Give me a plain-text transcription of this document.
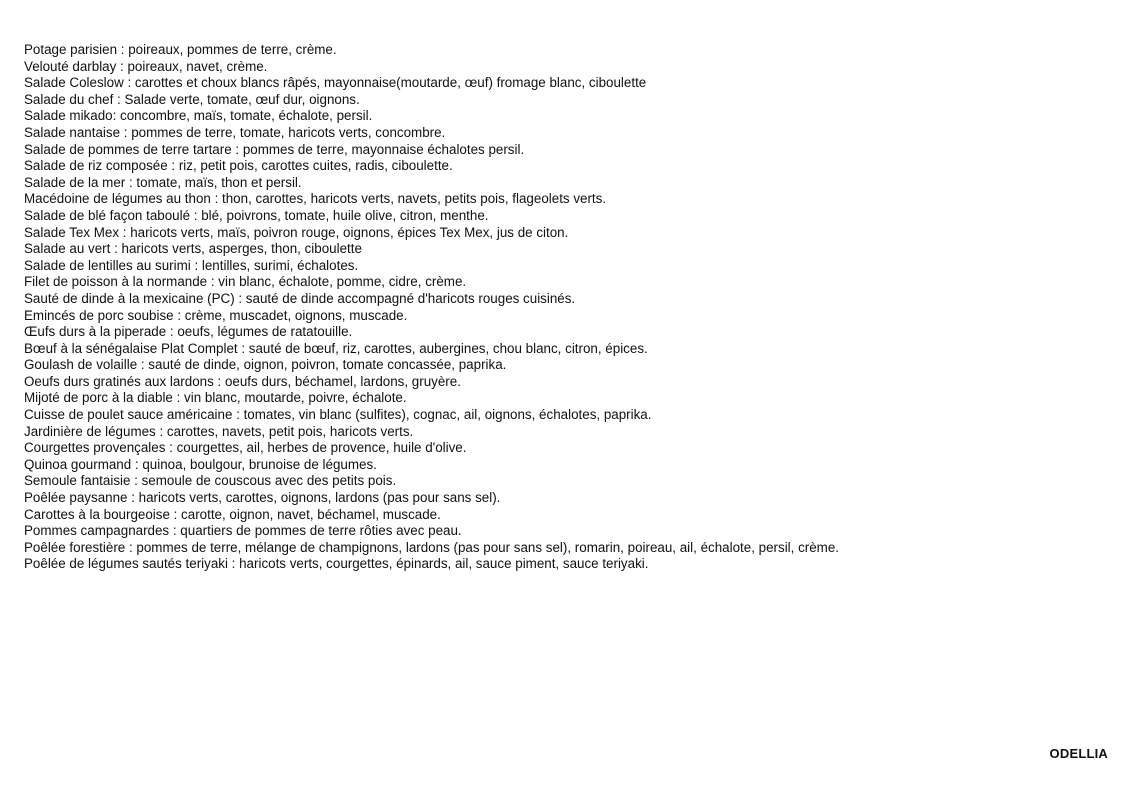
Potage parisien : poireaux, pommes de terre, crème.
Velouté darblay : poireaux, navet, crème.
Salade Coleslow : carottes et choux blancs râpés, mayonnaise(moutarde, œuf) fromage blanc, ciboulette
Salade du chef : Salade verte, tomate, œuf dur, oignons.
Salade mikado: concombre, maïs, tomate, échalote, persil.
Salade nantaise : pommes de terre, tomate, haricots verts, concombre.
Salade de pommes de terre tartare : pommes de terre, mayonnaise échalotes persil.
Salade de riz composée : riz, petit pois, carottes cuites, radis, ciboulette.
Salade de la mer : tomate, maïs, thon et persil.
Macédoine de légumes au thon : thon, carottes, haricots verts, navets, petits pois, flageolets verts.
Salade de blé façon taboulé : blé, poivrons, tomate, huile olive, citron, menthe.
Salade Tex Mex : haricots verts, maïs, poivron rouge, oignons, épices Tex Mex, jus de citon.
Salade au vert : haricots verts, asperges, thon, ciboulette
Salade de lentilles au surimi : lentilles, surimi, échalotes.
Filet de poisson à la normande : vin blanc, échalote, pomme, cidre, crème.
Sauté de dinde à la mexicaine (PC) : sauté de dinde accompagné d'haricots rouges cuisinés.
Emincés de porc soubise : crème, muscadet, oignons, muscade.
Œufs durs à la piperade : oeufs, légumes de ratatouille.
Bœuf à la sénégalaise Plat Complet : sauté de bœuf, riz, carottes, aubergines, chou blanc, citron, épices.
Goulash de volaille : sauté de dinde, oignon, poivron, tomate concassée, paprika.
Oeufs durs gratinés aux lardons : oeufs durs, béchamel, lardons, gruyère.
Mijoté de porc à la diable : vin blanc, moutarde, poivre, échalote.
Cuisse de poulet sauce américaine : tomates, vin blanc (sulfites), cognac, ail, oignons, échalotes, paprika.
Jardinière de légumes : carottes, navets, petit pois, haricots verts.
Courgettes provençales : courgettes, ail, herbes de provence, huile d'olive.
Quinoa gourmand : quinoa, boulgour, brunoise de légumes.
Semoule fantaisie : semoule de couscous avec des petits pois.
Poêlée paysanne : haricots verts, carottes, oignons, lardons (pas pour sans sel).
Carottes à la bourgeoise : carotte, oignon, navet, béchamel, muscade.
Pommes campagnardes : quartiers de pommes de terre rôties avec peau.
Poêlée forestière : pommes de terre, mélange de champignons, lardons (pas pour sans sel), romarin, poireau, ail, échalote, persil, crème.
Poêlée de légumes sautés teriyaki : haricots verts, courgettes, épinards, ail, sauce piment, sauce teriyaki.
ODELLIA
